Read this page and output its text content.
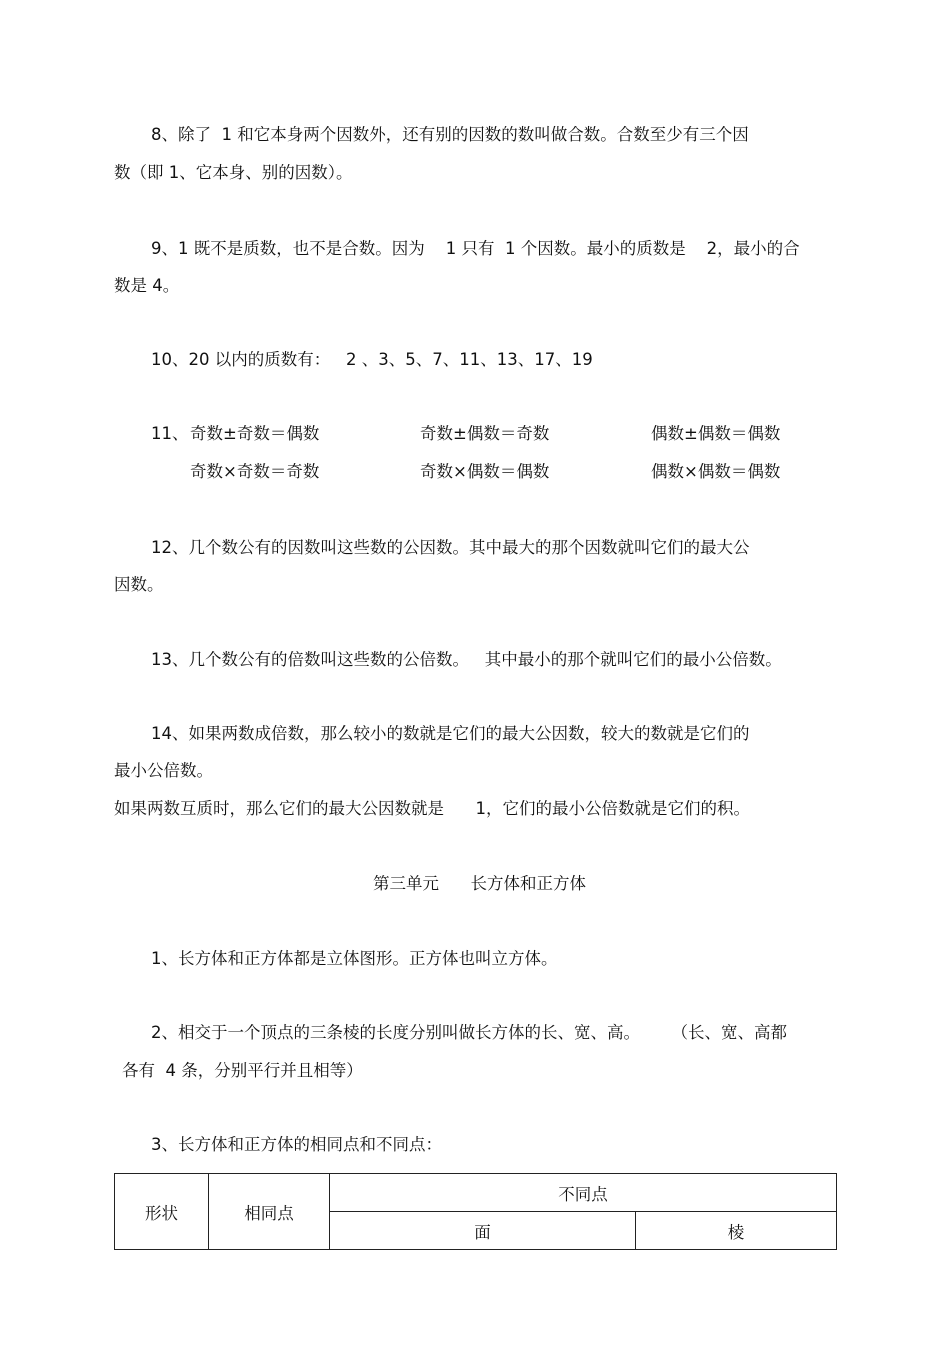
8、除了  1 和它本身两个因数外，还有别的因数的数叫做合数。合数至少有三个因
数（即 1、它本身、别的因数）。
9、1 既不是质数，也不是合数。因为    1 只有  1 个因数。最小的质数是    2，最小的合
数是 4。
10、20 以内的质数有：   2 、3、5、7、11、13、17、19
11、 奇数±奇数＝偶数	奇数±偶数＝奇数	偶数±偶数＝偶数
奇数×奇数＝奇数	奇数×偶数＝偶数	偶数×偶数＝偶数
12、几个数公有的因数叫这些数的公因数。其中最大的那个因数就叫它们的最大公
因数。
13、几个数公有的倍数叫这些数的公倍数。   其中最小的那个就叫它们的最小公倍数。
14、如果两数成倍数，那么较小的数就是它们的最大公因数，较大的数就是它们的
最小公倍数。
如果两数互质时，那么它们的最大公因数就是      1，它们的最小公倍数就是它们的积。
第三单元      长方体和正方体
1、长方体和正方体都是立体图形。正方体也叫立方体。
2、相交于一个顶点的三条棱的长度分别叫做长方体的长、宽、高。      （长、宽、高都
各有  4 条，分别平行并且相等）
3、长方体和正方体的相同点和不同点：
形状	相同点	不同点	
		面	棱
